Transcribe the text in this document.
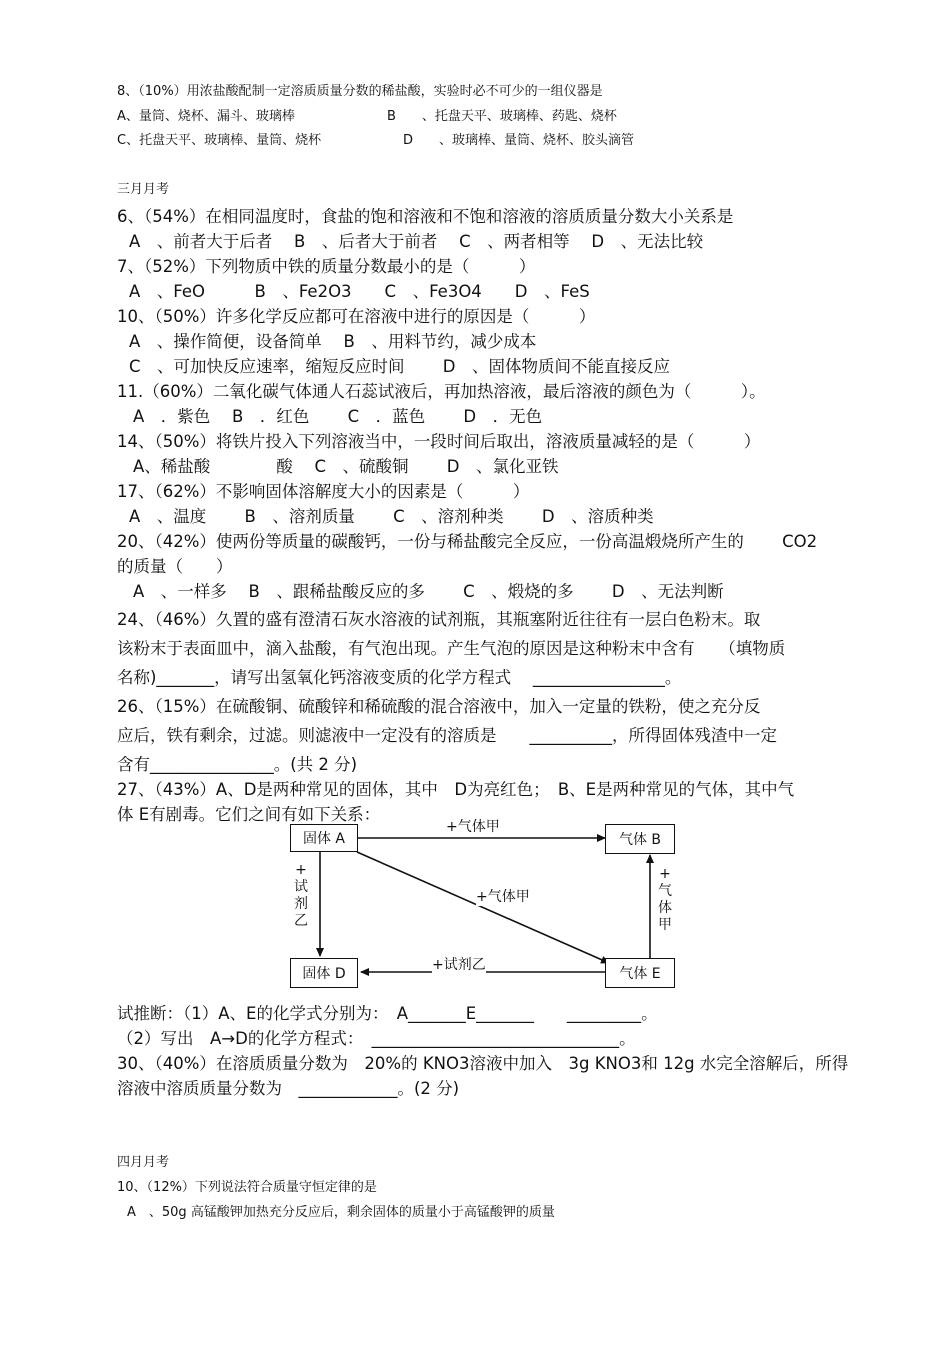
8、（10%）用浓盐酸配制一定溶质质量分数的稀盐酸，实验时必不可少的一组仪器是
A、量筒、烧杯、漏斗、玻璃棒	B　　、托盘天平、玻璃棒、药匙、烧杯
C、托盘天平、玻璃棒、量筒、烧杯	D　　、玻璃棒、量筒、烧杯、胶头滴管
三月月考
6、（54%）在相同温度时，食盐的饱和溶液和不饱和溶液的溶质质量分数大小关系是
A　、前者大于后者　 B　、后者大于前者　 C　、两者相等　 D　、无法比较
7、（52%）下列物质中铁的质量分数最小的是（　　　）
A　、FeO　　　B　、Fe2O3　　C　、Fe3O4　　D　、FeS
10、（50%）许多化学反应都可在溶液中进行的原因是（　　　）
A　、操作简便，设备简单　 B　、用料节约，减少成本
C　、可加快反应速率，缩短反应时间　　 D　、固体物质间不能直接反应
11.（60%）二氧化碳气体通人石蕊试液后，再加热溶液，最后溶液的颜色为（　　　）。
A　．紫色　 B　．红色　　 C　．蓝色　　 D　．无色
14、（50%）将铁片投入下列溶液当中，一段时间后取出，溶液质量减轻的是（　　　）
A、稀盐酸　　　　酸　 C　、硫酸铜　　 D　、氯化亚铁
17、（62%）不影响固体溶解度大小的因素是（　　　）
A　、温度　　 B　、溶剂质量　　 C　、溶剂种类　　 D　、溶质种类
20、（42%）使两份等质量的碳酸钙，一份与稀盐酸完全反应，一份高温煅烧所产生的　　 CO2
的质量（　　）
A　、一样多　 B　、跟稀盐酸反应的多　　 C　、煅烧的多　　 D　、无法判断
24、（46%）久置的盛有澄清石灰水溶液的试剂瓶，其瓶塞附近往往有一层白色粉末。取
该粉末于表面皿中，滴入盐酸，有气泡出现。产生气泡的原因是这种粉末中含有　　（填物质
名称)_______，请写出氢氧化钙溶液变质的化学方程式　 ________________。
26、（15%）在硫酸铜、硫酸锌和稀硫酸的混合溶液中，加入一定量的铁粉，使之充分反
应后，铁有剩余，过滤。则滤液中一定没有的溶质是　　__________，所得固体残渣中一定
含有_______________。(共 2 分)
27、（43%）A、D是两种常见的固体，其中　D为亮红色；　B、E是两种常见的气体，其中气
体 E有剧毒。它们之间有如下关系：
固体 A	气体 B
固体 D	气体 E
+气体甲
+气体甲
+试剂乙
+
试
剂
乙
+
气
体
甲
试推断：（1）A、E的化学式分别为：　A_______E_______　　_________。
（2）写出　A→D的化学方程式：　______________________________。
30、（40%）在溶质质量分数为　20%的 KNO3溶液中加入　3g KNO3和 12g 水完全溶解后，所得
溶液中溶质质量分数为　____________。(2 分)
四月月考
10、（12%）下列说法符合质量守恒定律的是
A　、50g 高锰酸钾加热充分反应后，剩余固体的质量小于高锰酸钾的质量
